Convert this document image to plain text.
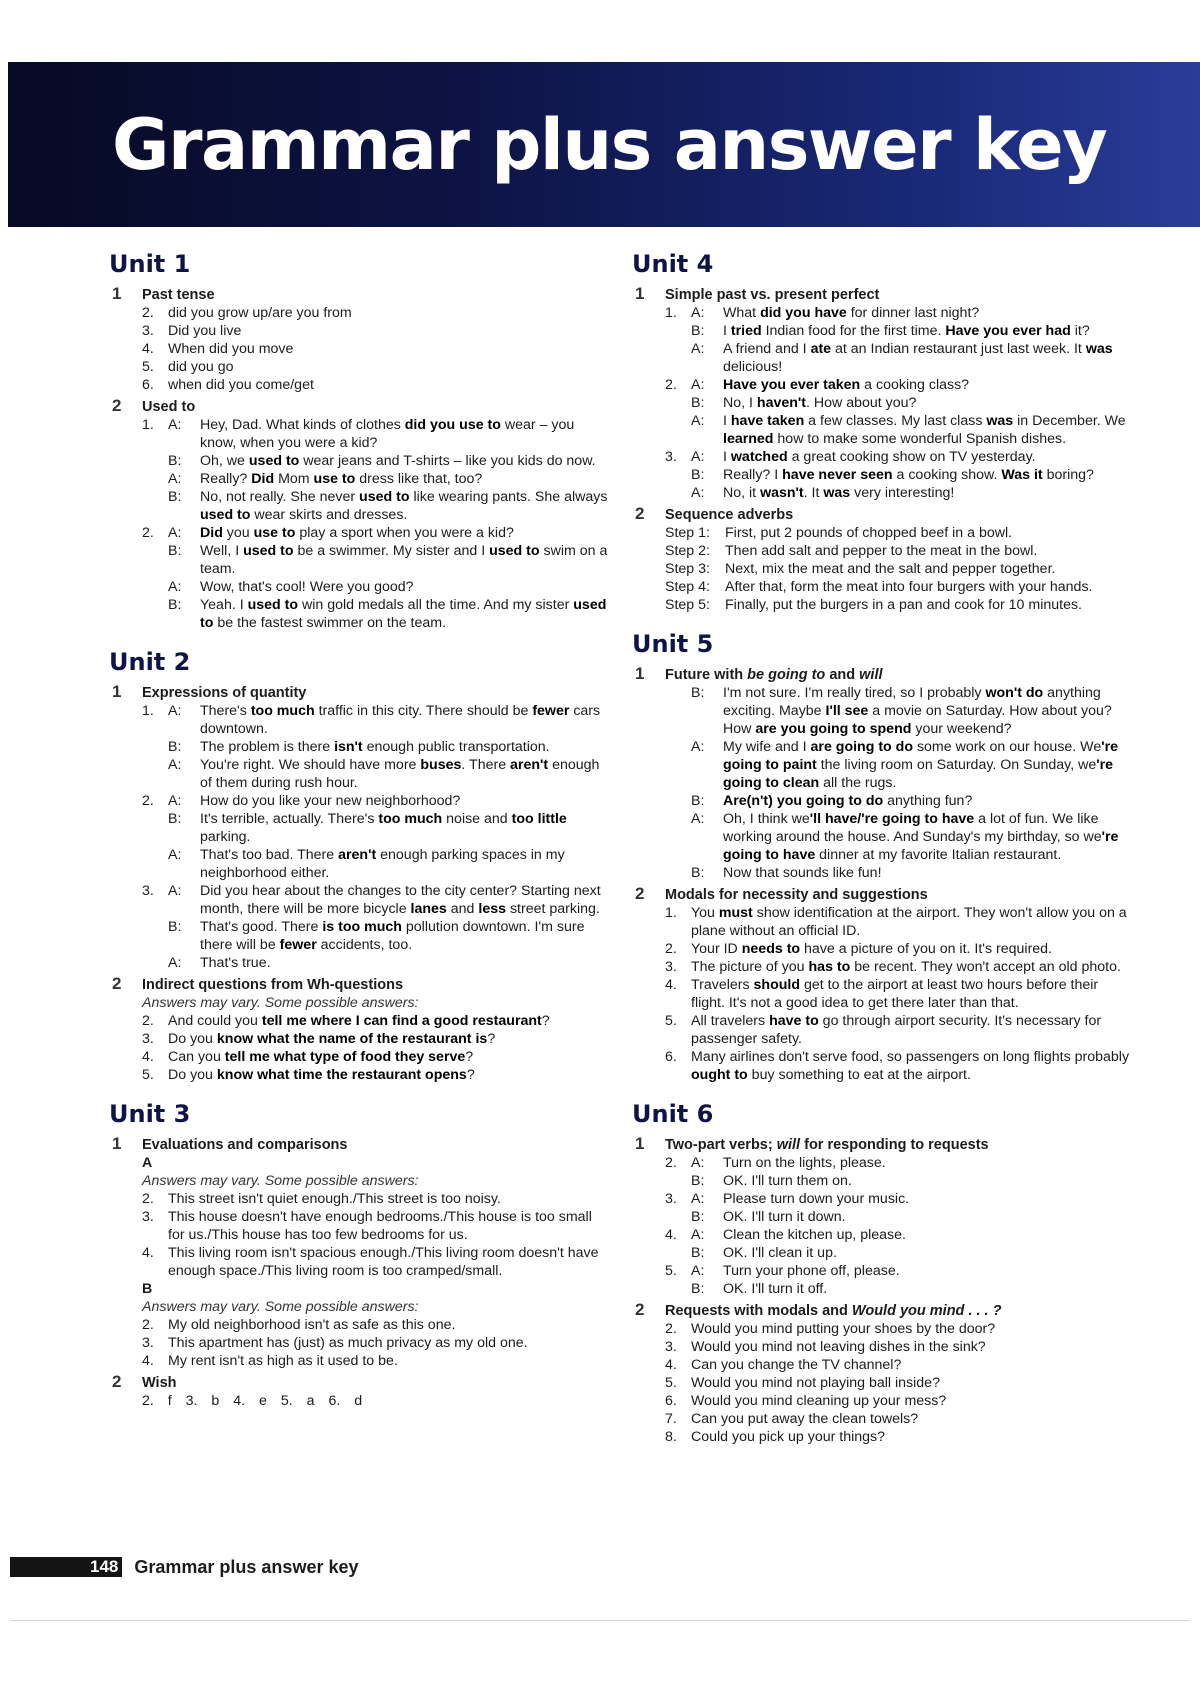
Grammar plus answer key
Unit 1
1 Past tense
2. did you grow up/are you from
3. Did you live
4. When did you move
5. did you go
6. when did you come/get
2 Used to
1. A: Hey, Dad. What kinds of clothes did you use to wear – you know, when you were a kid?
B: Oh, we used to wear jeans and T-shirts – like you kids do now.
A: Really? Did Mom use to dress like that, too?
B: No, not really. She never used to like wearing pants. She always used to wear skirts and dresses.
2. A: Did you use to play a sport when you were a kid?
B: Well, I used to be a swimmer. My sister and I used to swim on a team.
A: Wow, that's cool! Were you good?
B: Yeah. I used to win gold medals all the time. And my sister used to be the fastest swimmer on the team.
Unit 2
1 Expressions of quantity
1. A: There's too much traffic in this city. There should be fewer cars downtown.
B: The problem is there isn't enough public transportation.
A: You're right. We should have more buses. There aren't enough of them during rush hour.
2. A: How do you like your new neighborhood?
B: It's terrible, actually. There's too much noise and too little parking.
A: That's too bad. There aren't enough parking spaces in my neighborhood either.
3. A: Did you hear about the changes to the city center? Starting next month, there will be more bicycle lanes and less street parking.
B: That's good. There is too much pollution downtown. I'm sure there will be fewer accidents, too.
A: That's true.
2 Indirect questions from Wh-questions
Answers may vary. Some possible answers:
2. And could you tell me where I can find a good restaurant?
3. Do you know what the name of the restaurant is?
4. Can you tell me what type of food they serve?
5. Do you know what time the restaurant opens?
Unit 3
1 Evaluations and comparisons
A
Answers may vary. Some possible answers:
2. This street isn't quiet enough./This street is too noisy.
3. This house doesn't have enough bedrooms./This house is too small for us./This house has too few bedrooms for us.
4. This living room isn't spacious enough./This living room doesn't have enough space./This living room is too cramped/small.
B
Answers may vary. Some possible answers:
2. My old neighborhood isn't as safe as this one.
3. This apartment has (just) as much privacy as my old one.
4. My rent isn't as high as it used to be.
2 Wish
2. f 3. b 4. e 5. a 6. d
Unit 4
1 Simple past vs. present perfect
1. A: What did you have for dinner last night?
B: I tried Indian food for the first time. Have you ever had it?
A: A friend and I ate at an Indian restaurant just last week. It was delicious!
2. A: Have you ever taken a cooking class?
B: No, I haven't. How about you?
A: I have taken a few classes. My last class was in December. We learned how to make some wonderful Spanish dishes.
3. A: I watched a great cooking show on TV yesterday.
B: Really? I have never seen a cooking show. Was it boring?
A: No, it wasn't. It was very interesting!
2 Sequence adverbs
Step 1: First, put 2 pounds of chopped beef in a bowl.
Step 2: Then add salt and pepper to the meat in the bowl.
Step 3: Next, mix the meat and the salt and pepper together.
Step 4: After that, form the meat into four burgers with your hands.
Step 5: Finally, put the burgers in a pan and cook for 10 minutes.
Unit 5
1 Future with be going to and will
B: I'm not sure. I'm really tired, so I probably won't do anything exciting. Maybe I'll see a movie on Saturday. How about you? How are you going to spend your weekend?
A: My wife and I are going to do some work on our house. We're going to paint the living room on Saturday. On Sunday, we're going to clean all the rugs.
B: Are(n't) you going to do anything fun?
A: Oh, I think we'll have/'re going to have a lot of fun. We like working around the house. And Sunday's my birthday, so we're going to have dinner at my favorite Italian restaurant.
B: Now that sounds like fun!
2 Modals for necessity and suggestions
1. You must show identification at the airport. They won't allow you on a plane without an official ID.
2. Your ID needs to have a picture of you on it. It's required.
3. The picture of you has to be recent. They won't accept an old photo.
4. Travelers should get to the airport at least two hours before their flight. It's not a good idea to get there later than that.
5. All travelers have to go through airport security. It's necessary for passenger safety.
6. Many airlines don't serve food, so passengers on long flights probably ought to buy something to eat at the airport.
Unit 6
1 Two-part verbs; will for responding to requests
2. A: Turn on the lights, please.
B: OK. I'll turn them on.
3. A: Please turn down your music.
B: OK. I'll turn it down.
4. A: Clean the kitchen up, please.
B: OK. I'll clean it up.
5. A: Turn your phone off, please.
B: OK. I'll turn it off.
2 Requests with modals and Would you mind . . . ?
2. Would you mind putting your shoes by the door?
3. Would you mind not leaving dishes in the sink?
4. Can you change the TV channel?
5. Would you mind not playing ball inside?
6. Would you mind cleaning up your mess?
7. Can you put away the clean towels?
8. Could you pick up your things?
148 Grammar plus answer key
